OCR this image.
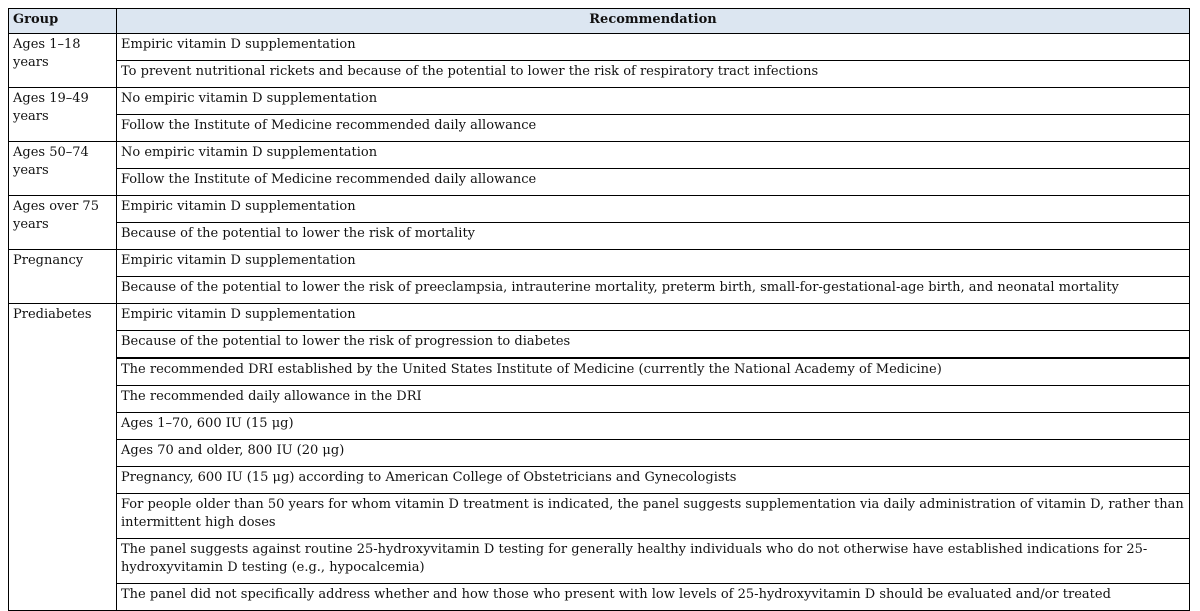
Group	Recommendation
Ages 1–18 years	Empiric vitamin D supplementation
	To prevent nutritional rickets and because of the potential to lower the risk of respiratory tract infections
Ages 19–49 years	No empiric vitamin D supplementation
	Follow the Institute of Medicine recommended daily allowance
Ages 50–74 years	No empiric vitamin D supplementation
	Follow the Institute of Medicine recommended daily allowance
Ages over 75 years	Empiric vitamin D supplementation
	Because of the potential to lower the risk of mortality
Pregnancy	Empiric vitamin D supplementation
	Because of the potential to lower the risk of preeclampsia, intrauterine mortality, preterm birth, small-for-gestational-age birth, and neonatal mortality
Prediabetes	Empiric vitamin D supplementation
	Because of the potential to lower the risk of progression to diabetes

	The recommended DRI established by the United States Institute of Medicine (currently the National Academy of Medicine)
	The recommended daily allowance in the DRI
	Ages 1–70, 600 IU (15 μg)
	Ages 70 and older, 800 IU (20 μg)
	Pregnancy, 600 IU (15 μg) according to American College of Obstetricians and Gynecologists
	For people older than 50 years for whom vitamin D treatment is indicated, the panel suggests supplementation via daily administration of vitamin D, rather than intermittent high doses
	The panel suggests against routine 25-hydroxyvitamin D testing for generally healthy individuals who do not otherwise have established indications for 25-hydroxyvitamin D testing (e.g., hypocalcemia)
	The panel did not specifically address whether and how those who present with low levels of 25-hydroxyvitamin D should be evaluated and/or treated
